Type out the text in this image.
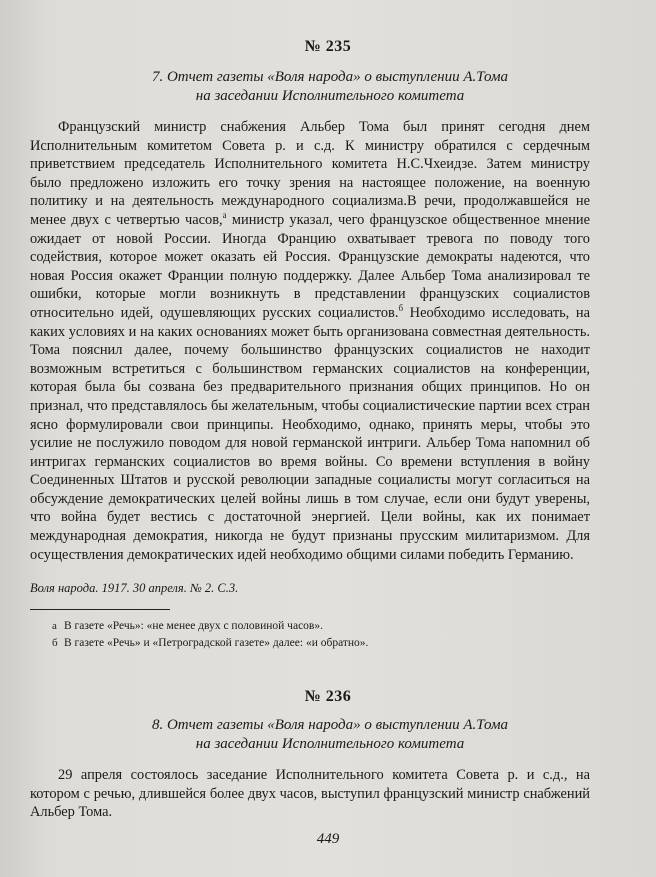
№ 235
7. Отчет газеты «Воля народа» о выступлении А.Тома
на заседании Исполнительного комитета

Французский министр снабжения Альбер Тома был принят сегодня днем Исполнительным комитетом Совета р. и с.д. К министру обратился с сердечным приветствием председатель Исполнительного комитета Н.С.Чхеидзе. Затем министру было предложено изложить его точку зрения на настоящее положение, на военную политику и на деятельность международного социализма.В речи, продолжавшейся не менее двух с четвертью часов,$^а$ министр указал, чего французское общественное мнение ожидает от новой России. Иногда Францию охватывает тревога по поводу того содействия, которое может оказать ей Россия. Французские демократы надеются, что новая Россия окажет Франции полную поддержку. Далее Альбер Тома анализировал те ошибки, которые могли возникнуть в представлении французских социалистов относительно идей, одушевляющих русских социалистов.$^б$ Необходимо исследовать, на каких условиях и на каких основаниях может быть организована совместная деятельность. Тома пояснил далее, почему большинство французских социалистов не находит возможным встретиться с большинством германских социалистов на конференции, которая была бы созвана без предварительного признания общих принципов. Но он признал, что представлялось бы желательным, чтобы социалистические партии всех стран ясно формулировали свои принципы. Необходимо, однако, принять меры, чтобы это усилие не послужило поводом для новой германской интриги. Альбер Тома напомнил об интригах германских социалистов во время войны. Со времени вступления в войну Соединенных Штатов и русской революции западные социалисты могут согласиться на обсуждение демократических целей войны лишь в том случае, если они будут уверены, что война будет вестись с достаточной энергией. Цели войны, как их понимает международная демократия, никогда не будут признаны прусским милитаризмом. Для осуществления демократических идей необходимо общими силами победить Германию.

Воля народа. 1917. 30 апреля. № 2. С.3.
а В газете «Речь»: «не менее двух с половиной часов».
б В газете «Речь» и «Петроградской газете» далее: «и обратно».
№ 236
8. Отчет газеты «Воля народа» о выступлении А.Тома
на заседании Исполнительного комитета

29 апреля состоялось заседание Исполнительного комитета Совета р. и с.д., на котором с речью, длившейся более двух часов, выступил французский министр снабжений Альбер Тома.

449
